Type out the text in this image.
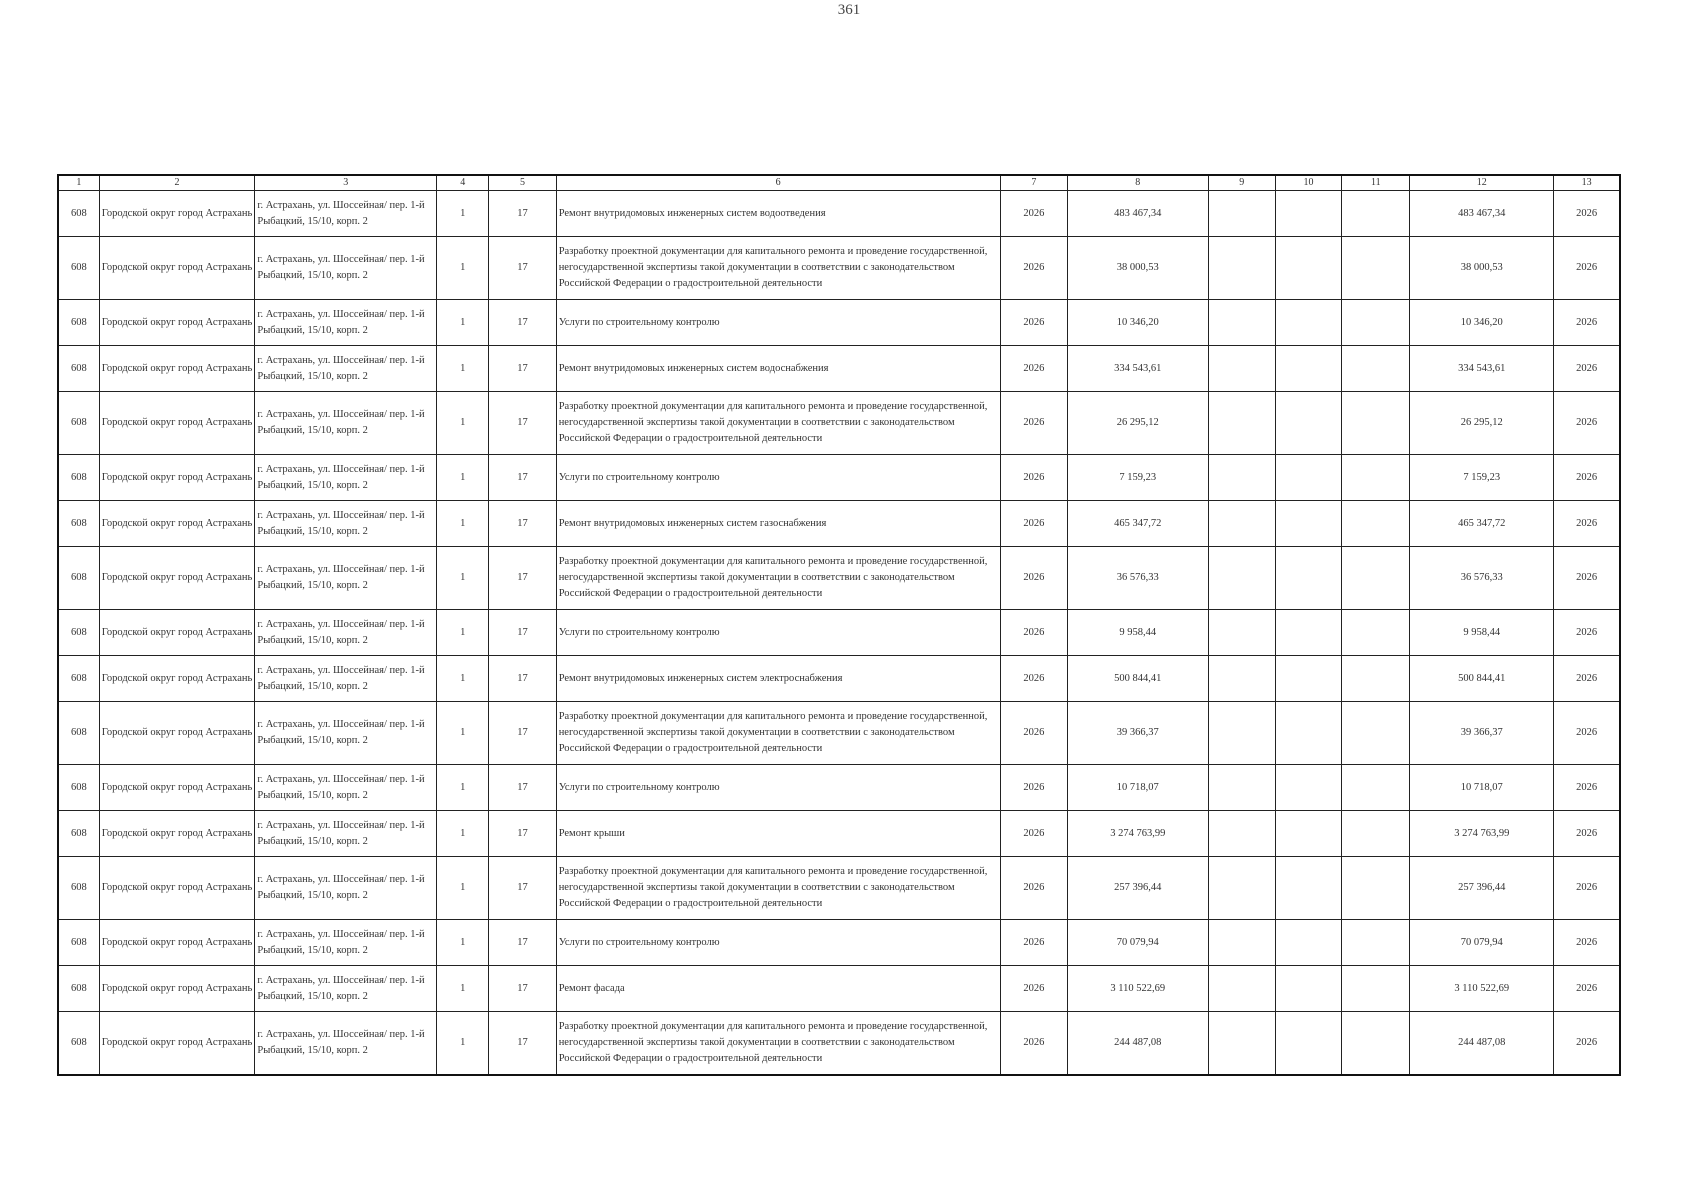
361
1	2	3	4	5	6	7	8	9	10	11	12	13
608	Городской округ город Астрахань	г. Астрахань, ул. Шоссейная/ пер. 1-й Рыбацкий, 15/10, корп. 2	1	17	Ремонт внутридомовых инженерных систем водоотведения	2026	483 467,34				483 467,34	2026
608	Городской округ город Астрахань	г. Астрахань, ул. Шоссейная/ пер. 1-й Рыбацкий, 15/10, корп. 2	1	17	Разработку проектной документации для капитального ремонта и проведение государственной, негосударственной экспертизы такой документации в соответствии с законодательством Российской Федерации о градостроительной деятельности	2026	38 000,53				38 000,53	2026
608	Городской округ город Астрахань	г. Астрахань, ул. Шоссейная/ пер. 1-й Рыбацкий, 15/10, корп. 2	1	17	Услуги по строительному контролю	2026	10 346,20				10 346,20	2026
608	Городской округ город Астрахань	г. Астрахань, ул. Шоссейная/ пер. 1-й Рыбацкий, 15/10, корп. 2	1	17	Ремонт внутридомовых инженерных систем водоснабжения	2026	334 543,61				334 543,61	2026
608	Городской округ город Астрахань	г. Астрахань, ул. Шоссейная/ пер. 1-й Рыбацкий, 15/10, корп. 2	1	17	Разработку проектной документации для капитального ремонта и проведение государственной, негосударственной экспертизы такой документации в соответствии с законодательством Российской Федерации о градостроительной деятельности	2026	26 295,12				26 295,12	2026
608	Городской округ город Астрахань	г. Астрахань, ул. Шоссейная/ пер. 1-й Рыбацкий, 15/10, корп. 2	1	17	Услуги по строительному контролю	2026	7 159,23				7 159,23	2026
608	Городской округ город Астрахань	г. Астрахань, ул. Шоссейная/ пер. 1-й Рыбацкий, 15/10, корп. 2	1	17	Ремонт внутридомовых инженерных систем газоснабжения	2026	465 347,72				465 347,72	2026
608	Городской округ город Астрахань	г. Астрахань, ул. Шоссейная/ пер. 1-й Рыбацкий, 15/10, корп. 2	1	17	Разработку проектной документации для капитального ремонта и проведение государственной, негосударственной экспертизы такой документации в соответствии с законодательством Российской Федерации о градостроительной деятельности	2026	36 576,33				36 576,33	2026
608	Городской округ город Астрахань	г. Астрахань, ул. Шоссейная/ пер. 1-й Рыбацкий, 15/10, корп. 2	1	17	Услуги по строительному контролю	2026	9 958,44				9 958,44	2026
608	Городской округ город Астрахань	г. Астрахань, ул. Шоссейная/ пер. 1-й Рыбацкий, 15/10, корп. 2	1	17	Ремонт внутридомовых инженерных систем электроснабжения	2026	500 844,41				500 844,41	2026
608	Городской округ город Астрахань	г. Астрахань, ул. Шоссейная/ пер. 1-й Рыбацкий, 15/10, корп. 2	1	17	Разработку проектной документации для капитального ремонта и проведение государственной, негосударственной экспертизы такой документации в соответствии с законодательством Российской Федерации о градостроительной деятельности	2026	39 366,37				39 366,37	2026
608	Городской округ город Астрахань	г. Астрахань, ул. Шоссейная/ пер. 1-й Рыбацкий, 15/10, корп. 2	1	17	Услуги по строительному контролю	2026	10 718,07				10 718,07	2026
608	Городской округ город Астрахань	г. Астрахань, ул. Шоссейная/ пер. 1-й Рыбацкий, 15/10, корп. 2	1	17	Ремонт крыши	2026	3 274 763,99				3 274 763,99	2026
608	Городской округ город Астрахань	г. Астрахань, ул. Шоссейная/ пер. 1-й Рыбацкий, 15/10, корп. 2	1	17	Разработку проектной документации для капитального ремонта и проведение государственной, негосударственной экспертизы такой документации в соответствии с законодательством Российской Федерации о градостроительной деятельности	2026	257 396,44				257 396,44	2026
608	Городской округ город Астрахань	г. Астрахань, ул. Шоссейная/ пер. 1-й Рыбацкий, 15/10, корп. 2	1	17	Услуги по строительному контролю	2026	70 079,94				70 079,94	2026
608	Городской округ город Астрахань	г. Астрахань, ул. Шоссейная/ пер. 1-й Рыбацкий, 15/10, корп. 2	1	17	Ремонт фасада	2026	3 110 522,69				3 110 522,69	2026
608	Городской округ город Астрахань	г. Астрахань, ул. Шоссейная/ пер. 1-й Рыбацкий, 15/10, корп. 2	1	17	Разработку проектной документации для капитального ремонта и проведение государственной, негосударственной экспертизы такой документации в соответствии с законодательством Российской Федерации о градостроительной деятельности	2026	244 487,08				244 487,08	2026
